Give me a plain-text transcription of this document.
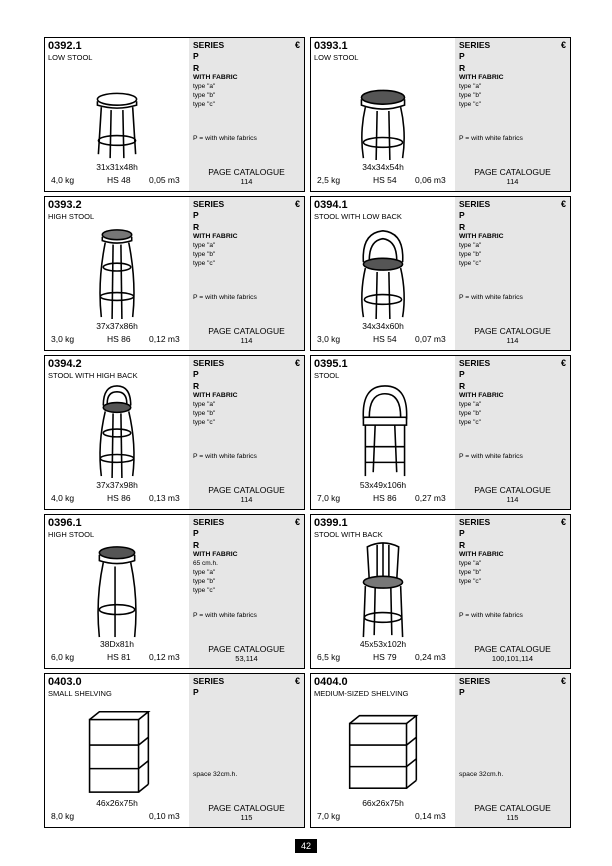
0392.1
LOW STOOL
31x31x48h
4,0 kg	HS 48 0,05 m3
SERIES	€
P
R
WITH FABRIC
type "a"
type "b"
type "c"
P = with white fabrics
PAGE CATALOGUE
114
0393.1
LOW STOOL
34x34x54h
2,5 kg	HS 54 0,06 m3
SERIES	€
P
R
WITH FABRIC
type "a"
type "b"
type "c"
P = with white fabrics
PAGE CATALOGUE
114
0393.2
HIGH STOOL
37x37x86h
3,0 kg	HS 86 0,12 m3
SERIES	€
P
R
WITH FABRIC
type "a"
type "b"
type "c"
P = with white fabrics
PAGE CATALOGUE
114
0394.1
STOOL WITH LOW BACK
34x34x60h
3,0 kg	HS 54 0,07 m3
SERIES	€
P
R
WITH FABRIC
type "a"
type "b"
type "c"
P = with white fabrics
PAGE CATALOGUE
114
0394.2
STOOL WITH HIGH BACK
37x37x98h
4,0 kg	HS 86 0,13 m3
SERIES	€
P
R
WITH FABRIC
type "a"
type "b"
type "c"
P = with white fabrics
PAGE CATALOGUE
114
0395.1
STOOL
53x49x106h
7,0 kg	HS 86 0,27 m3
SERIES	€
P
R
WITH FABRIC
type "a"
type "b"
type "c"
P = with white fabrics
PAGE CATALOGUE
114
0396.1
HIGH STOOL
38Dx81h
6,0 kg	HS 81 0,12 m3
SERIES	€
P
R
WITH FABRIC
65 cm.h.
type "a"
type "b"
type "c"
P = with white fabrics
PAGE CATALOGUE
53,114
0399.1
STOOL WITH BACK
45x53x102h
6,5 kg	HS 79 0,24 m3
SERIES	€
P
R
WITH FABRIC
type "a"
type "b"
type "c"
P = with white fabrics
PAGE CATALOGUE
100,101,114
0403.0
SMALL SHELVING
46x26x75h
8,0 kg	0,10 m3
SERIES	€
P
space 32cm.h.
PAGE CATALOGUE
115
0404.0
MEDIUM-SIZED SHELVING
66x26x75h
7,0 kg	0,14 m3
SERIES	€
P
space 32cm.h.
PAGE CATALOGUE
115
42
